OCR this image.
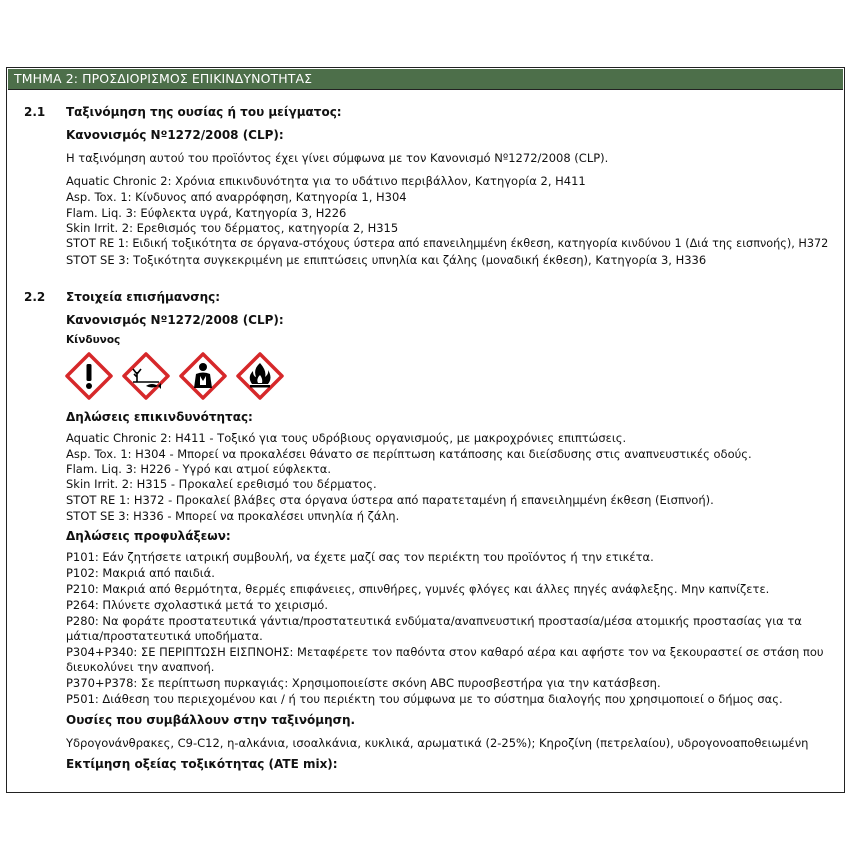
ΤΜΗΜΑ 2: ΠΡΟΣΔΙΟΡΙΣΜΟΣ ΕΠΙΚΙΝΔΥΝΟΤΗΤΑΣ
2.1 Ταξινόμηση της ουσίας ή του μείγματος:
Κανονισμός Νº1272/2008 (CLP):
Η ταξινόμηση αυτού του προϊόντος έχει γίνει σύμφωνα με τον Κανονισμό Nº1272/2008 (CLP).
Aquatic Chronic 2: Χρόνια επικινδυνότητα για το υδάτινο περιβάλλον, Κατηγορία 2, H411
Asp. Tox. 1: Κίνδυνος από αναρρόφηση, Κατηγορία 1, H304
Flam. Liq. 3: Εύφλεκτα υγρά, Κατηγορία 3, H226
Skin Irrit. 2: Ερεθισμός του δέρματος, κατηγορία 2, H315
STOT RE 1: Ειδική τοξικότητα σε όργανα-στόχους ύστερα από επανειλημμένη έκθεση, κατηγορία κινδύνου 1 (Διά της εισπνοής), H372
STOT SE 3: Τοξικότητα συγκεκριμένη με επιπτώσεις υπνηλία και ζάλης (μοναδική έκθεση), Κατηγορία 3, H336
2.2 Στοιχεία επισήμανσης:
Κανονισμός Νº1272/2008 (CLP):
Κίνδυνος
Δηλώσεις επικινδυνότητας:
Aquatic Chronic 2: H411 - Τοξικό για τους υδρόβιους οργανισμούς, με μακροχρόνιες επιπτώσεις.
Asp. Tox. 1: H304 - Μπορεί να προκαλέσει θάνατο σε περίπτωση κατάποσης και διείσδυσης στις αναπνευστικές οδούς.
Flam. Liq. 3: H226 - Υγρό και ατμοί εύφλεκτα.
Skin Irrit. 2: H315 - Προκαλεί ερεθισμό του δέρματος.
STOT RE 1: H372 - Προκαλεί βλάβες στα όργανα ύστερα από παρατεταμένη ή επανειλημμένη έκθεση (Εισπνοή).
STOT SE 3: H336 - Μπορεί να προκαλέσει υπνηλία ή ζάλη.
Δηλώσεις προφυλάξεων:
P101: Εάν ζητήσετε ιατρική συμβουλή, να έχετε μαζί σας τον περιέκτη του προϊόντος ή την ετικέτα.
P102: Μακριά από παιδιά.
P210: Μακριά από θερμότητα, θερμές επιφάνειες, σπινθήρες, γυμνές φλόγες και άλλες πηγές ανάφλεξης. Μην καπνίζετε.
P264: Πλύνετε σχολαστικά μετά το χειρισμό.
P280: Να φοράτε προστατευτικά γάντια/προστατευτικά ενδύματα/αναπνευστική προστασία/μέσα ατομικής προστασίας για τα
μάτια/προστατευτικά υποδήματα.
P304+P340: ΣΕ ΠΕΡΙΠΤΩΣΗ ΕΙΣΠΝΟΗΣ: Μεταφέρετε τον παθόντα στον καθαρό αέρα και αφήστε τον να ξεκουραστεί σε στάση που
διευκολύνει την αναπνοή.
P370+P378: Σε περίπτωση πυρκαγιάς: Χρησιμοποιείστε σκόνη ABC πυροσβεστήρα για την κατάσβεση.
P501: Διάθεση του περιεχομένου και / ή του περιέκτη του σύμφωνα με το σύστημα διαλογής που χρησιμοποιεί ο δήμος σας.
Ουσίες που συμβάλλουν στην ταξινόμηση.
Υδρογονάνθρακες, C9-C12, η-αλκάνια, ισοαλκάνια, κυκλικά, αρωματικά (2-25%); Κηροζίνη (πετρελαίου), υδρογονοαποθειωμένη
Εκτίμηση οξείας τοξικότητας (ATE mix):
